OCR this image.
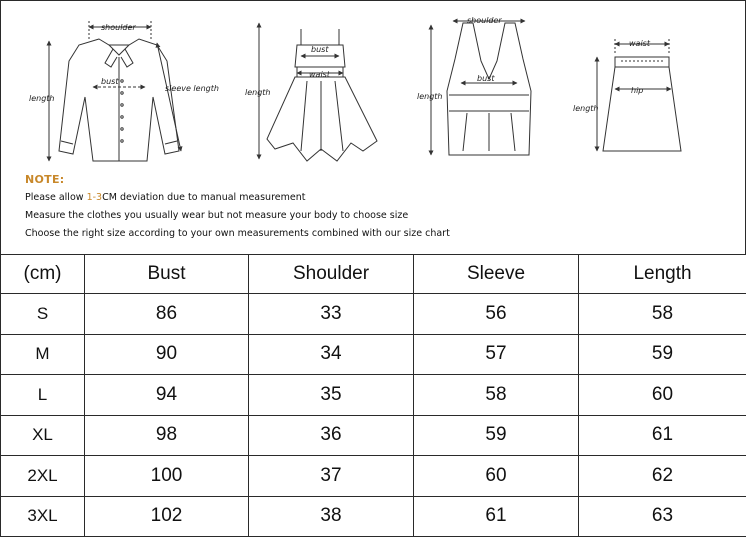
shoulder
bust
sleeve length
length
bust
waist
length
shoulder
bust
length
waist
hip
length
NOTE:
Please allow 1-3CM deviation due to manual measurement
Measure the clothes you usually wear but not measure your body to choose size
Choose the right size according to your own measurements combined with our size chart
(cm)	Bust	Shoulder	Sleeve	Length
S	86	33	56	58
M	90	34	57	59
L	94	35	58	60
XL	98	36	59	61
2XL	100	37	60	62
3XL	102	38	61	63
